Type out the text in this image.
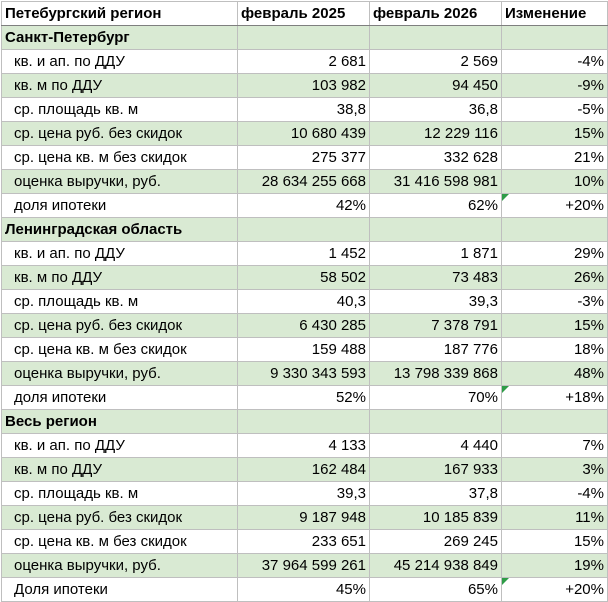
Петебургский регион	февраль 2025	февраль 2026	Изменение
Санкт-Петербург			
кв. и ап. по ДДУ	2 681	2 569	-4%
кв. м по ДДУ	103 982	94 450	-9%
ср. площадь кв. м	38,8	36,8	-5%
ср. цена руб. без скидок	10 680 439	12 229 116	15%
ср. цена кв. м без скидок	275 377	332 628	21%
оценка выручки, руб.	28 634 255 668	31 416 598 981	10%
доля ипотеки	42%	62%	+20%

Ленинградская область			
кв. и ап. по ДДУ	1 452	1 871	29%
кв. м по ДДУ	58 502	73 483	26%
ср. площадь кв. м	40,3	39,3	-3%
ср. цена руб. без скидок	6 430 285	7 378 791	15%
ср. цена кв. м без скидок	159 488	187 776	18%
оценка выручки, руб.	9 330 343 593	13 798 339 868	48%
доля ипотеки	52%	70%	+18%

Весь регион			
кв. и ап. по ДДУ	4 133	4 440	7%
кв. м по ДДУ	162 484	167 933	3%
ср. площадь кв. м	39,3	37,8	-4%
ср. цена руб. без скидок	9 187 948	10 185 839	11%
ср. цена кв. м без скидок	233 651	269 245	15%
оценка выручки, руб.	37 964 599 261	45 214 938 849	19%
Доля ипотеки	45%	65%	+20%
